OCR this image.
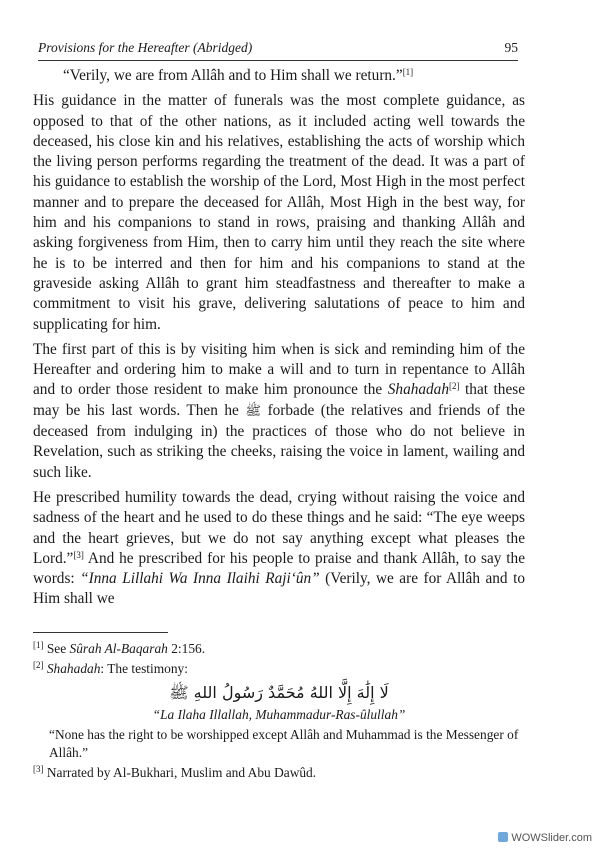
Provisions for the Hereafter (Abridged)	95

“Verily, we are from Allâh and to Him shall we return.”[1]

His guidance in the matter of funerals was the most complete guidance, as opposed to that of the other nations, as it included acting well towards the deceased, his close kin and his relatives, establishing the acts of worship which the living person performs regarding the treatment of the dead. It was a part of his guidance to establish the worship of the Lord, Most High in the most perfect manner and to prepare the deceased for Allâh, Most High in the best way, for him and his companions to stand in rows, praising and thanking Allâh and asking forgiveness from Him, then to carry him until they reach the site where he is to be interred and then for him and his companions to stand at the graveside asking Allâh to grant him steadfastness and thereafter to make a commitment to visit his grave, delivering salutations of peace to him and supplicating for him.

The first part of this is by visiting him when is sick and reminding him of the Hereafter and ordering him to make a will and to turn in repentance to Allâh and to order those resident to make him pronounce the Shahadah[2] that these may be his last words. Then he ﷺ forbade (the relatives and friends of the deceased from indulging in) the practices of those who do not believe in Revelation, such as striking the cheeks, raising the voice in lament, wailing and such like.

He prescribed humility towards the dead, crying without raising the voice and sadness of the heart and he used to do these things and he said: “The eye weeps and the heart grieves, but we do not say anything except what pleases the Lord.”[3] And he prescribed for his people to praise and thank Allâh, to say the words: “Inna Lillahi Wa Inna Ilaihi Raji‘ûn” (Verily, we are for Allâh and to Him shall we

[1] See Sûrah Al-Baqarah 2:156.

[2] Shahadah: The testimony:

لَا إِلَٰهَ إِلَّا اللهُ مُحَمَّدٌ رَسُولُ اللهِ ﷺ

“La Ilaha Illallah, Muhammadur-Ras-ûlullah”

“None has the right to be worshipped except Allâh and Muhammad is the Messenger of Allâh.”

[3] Narrated by Al-Bukhari, Muslim and Abu Dawûd.

WOWSlider.com
